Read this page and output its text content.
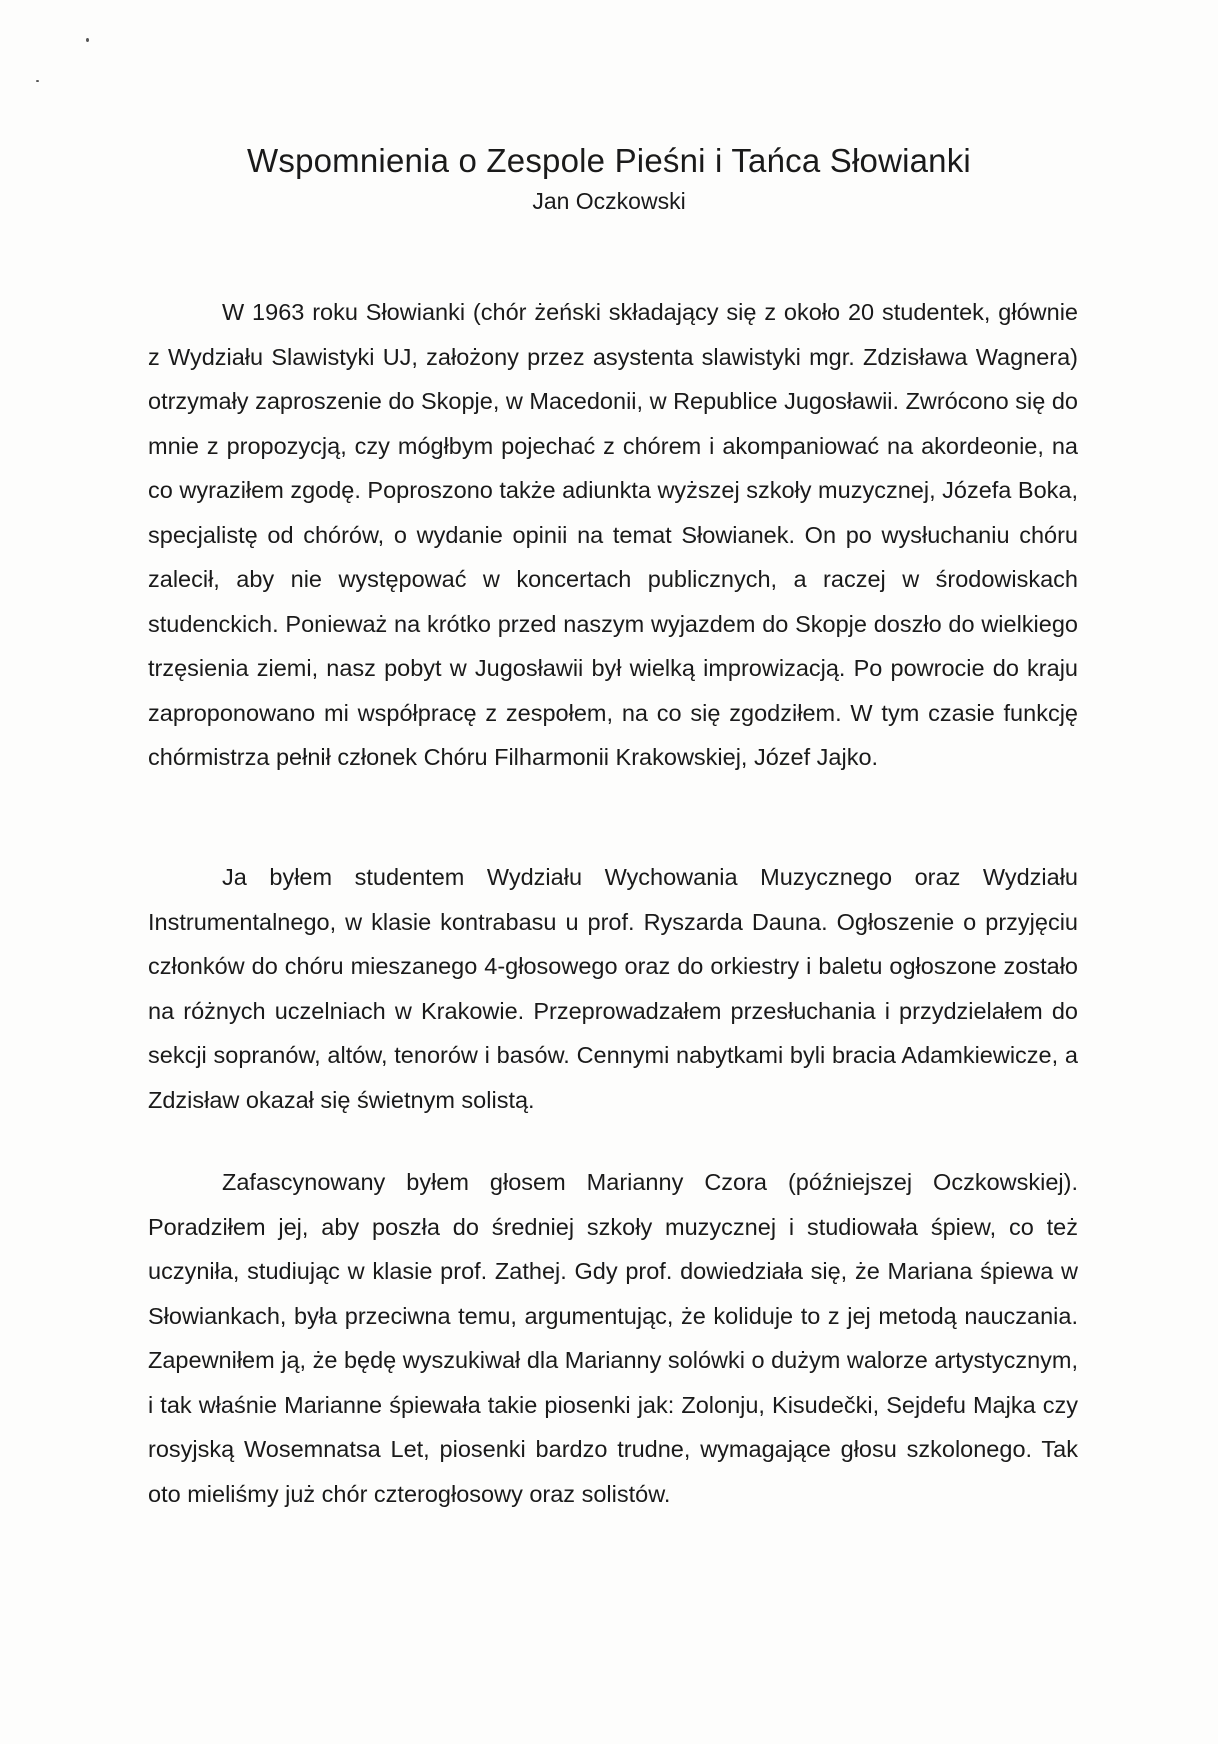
Wspomnienia o Zespole Pieśni i Tańca Słowianki

Jan Oczkowski

W 1963 roku Słowianki (chór żeński składający się z około 20 studentek, głównie z Wydziału Slawistyki UJ, założony przez asystenta slawistyki mgr. Zdzisława Wagnera) otrzymały zaproszenie do Skopje, w Macedonii, w Republice Jugosławii. Zwrócono się do mnie z propozycją, czy mógłbym pojechać z chórem i akompaniować na akordeonie, na co wyraziłem zgodę. Poproszono także adiunkta wyższej szkoły muzycznej, Józefa Boka, specjalistę od chórów, o wydanie opinii na temat Słowianek. On po wysłuchaniu chóru zalecił, aby nie występować w koncertach publicznych, a raczej w środowiskach studenckich. Ponieważ na krótko przed naszym wyjazdem do Skopje doszło do wielkiego trzęsienia ziemi, nasz pobyt w Jugosławii był wielką improwizacją. Po powrocie do kraju zaproponowano mi współpracę z zespołem, na co się zgodziłem. W tym czasie funkcję chórmistrza pełnił członek Chóru Filharmonii Krakowskiej, Józef Jajko.

Ja byłem studentem Wydziału Wychowania Muzycznego oraz Wydziału Instrumentalnego, w klasie kontrabasu u prof. Ryszarda Dauna. Ogłoszenie o przyjęciu członków do chóru mieszanego 4-głosowego oraz do orkiestry i baletu ogłoszone zostało na różnych uczelniach w Krakowie. Przeprowadzałem przesłuchania i przydzielałem do sekcji sopranów, altów, tenorów i basów. Cennymi nabytkami byli bracia Adamkiewicze, a Zdzisław okazał się świetnym solistą.

Zafascynowany byłem głosem Marianny Czora (późniejszej Oczkowskiej). Poradziłem jej, aby poszła do średniej szkoły muzycznej i studiowała śpiew, co też uczyniła, studiując w klasie prof. Zathej. Gdy prof. dowiedziała się, że Mariana śpiewa w Słowiankach, była przeciwna temu, argumentując, że koliduje to z jej metodą nauczania. Zapewniłem ją, że będę wyszukiwał dla Marianny solówki o dużym walorze artystycznym, i tak właśnie Marianne śpiewała takie piosenki jak: Zolonju, Kisudečki, Sejdefu Majka czy rosyjską Wosemnatsa Let, piosenki bardzo trudne, wymagające głosu szkolonego. Tak oto mieliśmy już chór czterogłosowy oraz solistów.
